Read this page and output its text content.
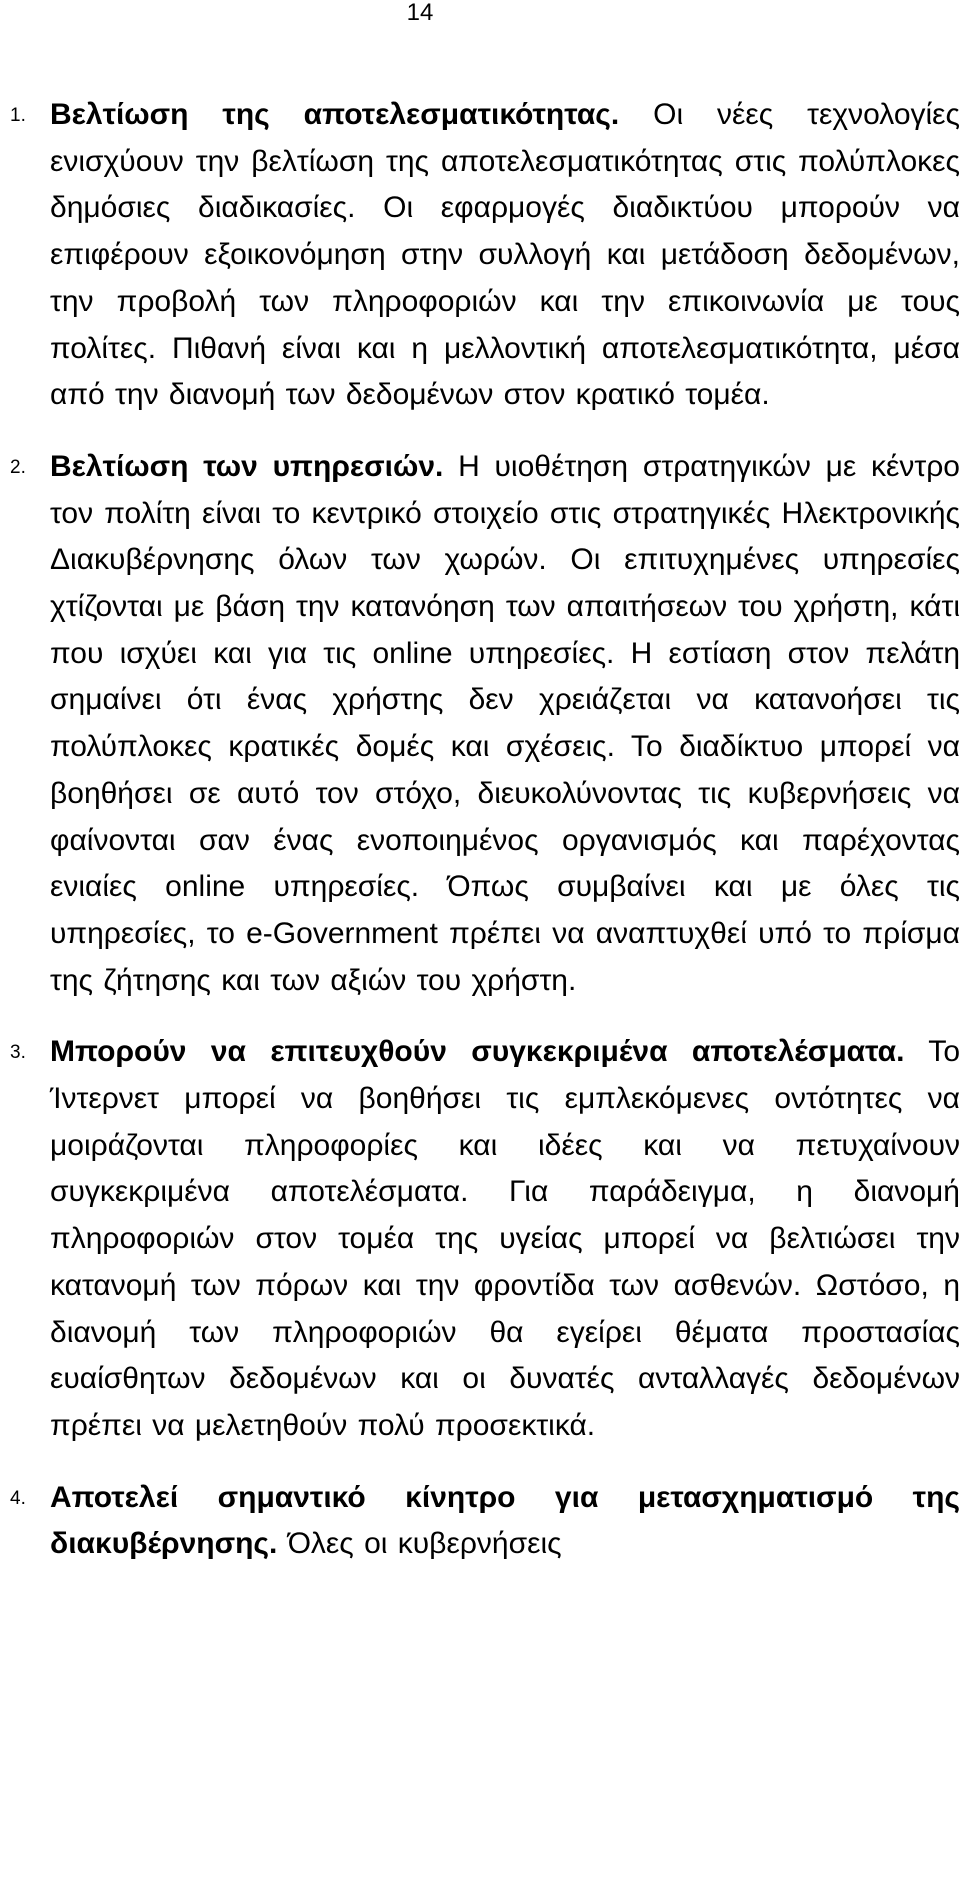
14
1. Βελτίωση της αποτελεσματικότητας. Οι νέες τεχνολογίες ενισχύουν την βελτίωση της αποτελεσματικότητας στις πολύπλοκες δημόσιες διαδικασίες. Οι εφαρμογές διαδικτύου μπορούν να επιφέρουν εξοικονόμηση στην συλλογή και μετάδοση δεδομένων, την προβολή των πληροφοριών και την επικοινωνία με τους πολίτες. Πιθανή είναι και η μελλοντική αποτελεσματικότητα, μέσα από την διανομή των δεδομένων στον κρατικό τομέα.
2. Βελτίωση των υπηρεσιών. Η υιοθέτηση στρατηγικών με κέντρο τον πολίτη είναι το κεντρικό στοιχείο στις στρατηγικές Ηλεκτρονικής Διακυβέρνησης όλων των χωρών. Οι επιτυχημένες υπηρεσίες χτίζονται με βάση την κατανόηση των απαιτήσεων του χρήστη, κάτι που ισχύει και για τις online υπηρεσίες. Η εστίαση στον πελάτη σημαίνει ότι ένας χρήστης δεν χρειάζεται να κατανοήσει τις πολύπλοκες κρατικές δομές και σχέσεις. Το διαδίκτυο μπορεί να βοηθήσει σε αυτό τον στόχο, διευκολύνοντας τις κυβερνήσεις να φαίνονται σαν ένας ενοποιημένος οργανισμός και παρέχοντας ενιαίες online υπηρεσίες. Όπως συμβαίνει και με όλες τις υπηρεσίες, το e-Government πρέπει να αναπτυχθεί υπό το πρίσμα της ζήτησης και των αξιών του χρήστη.
3. Μπορούν να επιτευχθούν συγκεκριμένα αποτελέσματα. Το Ίντερνετ μπορεί να βοηθήσει τις εμπλεκόμενες οντότητες να μοιράζονται πληροφορίες και ιδέες και να πετυχαίνουν συγκεκριμένα αποτελέσματα. Για παράδειγμα, η διανομή πληροφοριών στον τομέα της υγείας μπορεί να βελτιώσει την κατανομή των πόρων και την φροντίδα των ασθενών. Ωστόσο, η διανομή των πληροφοριών θα εγείρει θέματα προστασίας ευαίσθητων δεδομένων και οι δυνατές ανταλλαγές δεδομένων πρέπει να μελετηθούν πολύ προσεκτικά.
4. Αποτελεί σημαντικό κίνητρο για μετασχηματισμό της διακυβέρνησης. Όλες οι κυβερνήσεις
